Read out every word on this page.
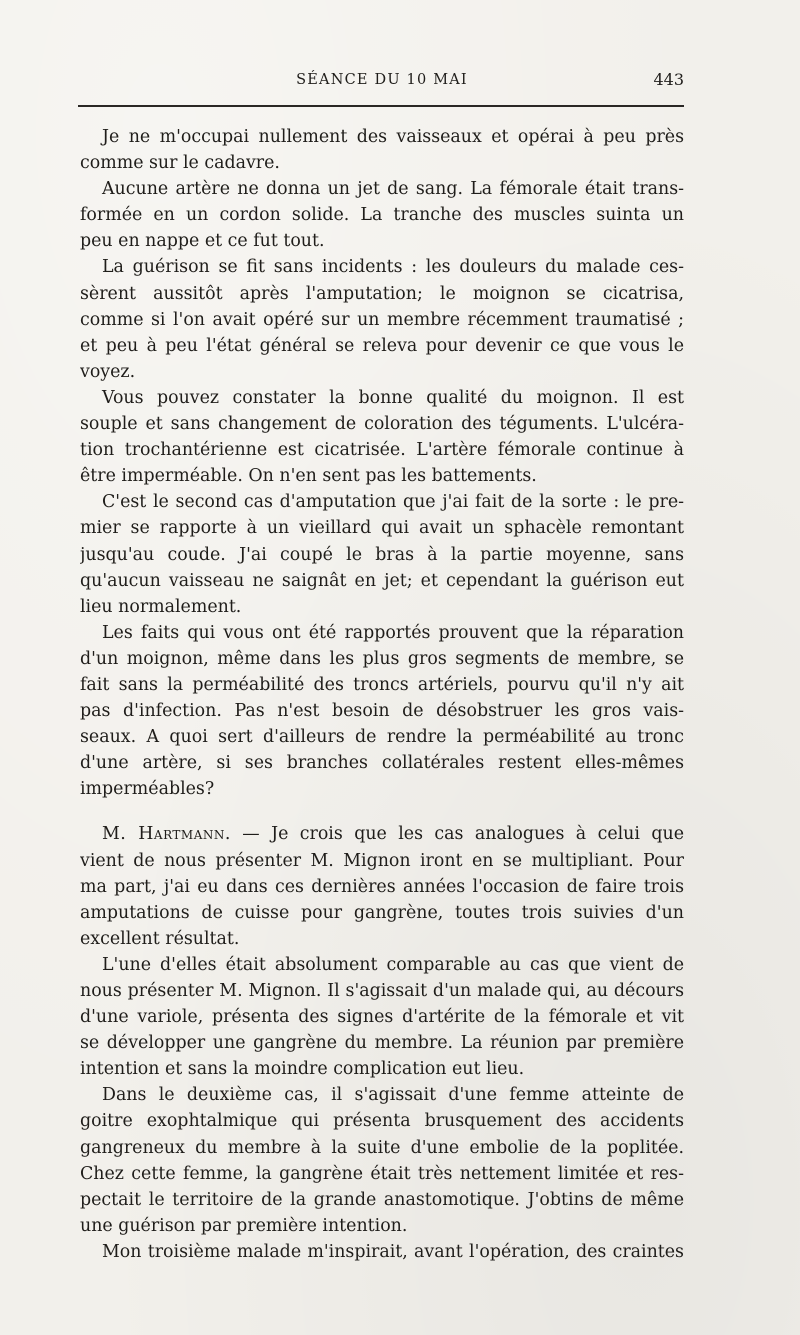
SÉANCE DU 10 MAI	443
Je ne m'occupai nullement des vaisseaux et opérai à peu près
comme sur le cadavre.
Aucune artère ne donna un jet de sang. La fémorale était trans-
formée en un cordon solide. La tranche des muscles suinta un
peu en nappe et ce fut tout.
La guérison se fit sans incidents : les douleurs du malade ces-
sèrent aussitôt après l'amputation; le moignon se cicatrisa,
comme si l'on avait opéré sur un membre récemment traumatisé ;
et peu à peu l'état général se releva pour devenir ce que vous le
voyez.
Vous pouvez constater la bonne qualité du moignon. Il est
souple et sans changement de coloration des téguments. L'ulcéra-
tion trochantérienne est cicatrisée. L'artère fémorale continue à
être imperméable. On n'en sent pas les battements.
C'est le second cas d'amputation que j'ai fait de la sorte : le pre-
mier se rapporte à un vieillard qui avait un sphacèle remontant
jusqu'au coude. J'ai coupé le bras à la partie moyenne, sans
qu'aucun vaisseau ne saignât en jet; et cependant la guérison eut
lieu normalement.
Les faits qui vous ont été rapportés prouvent que la réparation
d'un moignon, même dans les plus gros segments de membre, se
fait sans la perméabilité des troncs artériels, pourvu qu'il n'y ait
pas d'infection. Pas n'est besoin de désobstruer les gros vais-
seaux. A quoi sert d'ailleurs de rendre la perméabilité au tronc
d'une artère, si ses branches collatérales restent elles-mêmes
imperméables?
M. Hartmann. — Je crois que les cas analogues à celui que
vient de nous présenter M. Mignon iront en se multipliant. Pour
ma part, j'ai eu dans ces dernières années l'occasion de faire trois
amputations de cuisse pour gangrène, toutes trois suivies d'un
excellent résultat.
L'une d'elles était absolument comparable au cas que vient de
nous présenter M. Mignon. Il s'agissait d'un malade qui, au décours
d'une variole, présenta des signes d'artérite de la fémorale et vit
se développer une gangrène du membre. La réunion par première
intention et sans la moindre complication eut lieu.
Dans le deuxième cas, il s'agissait d'une femme atteinte de
goitre exophtalmique qui présenta brusquement des accidents
gangreneux du membre à la suite d'une embolie de la poplitée.
Chez cette femme, la gangrène était très nettement limitée et res-
pectait le territoire de la grande anastomotique. J'obtins de même
une guérison par première intention.
Mon troisième malade m'inspirait, avant l'opération, des craintes
